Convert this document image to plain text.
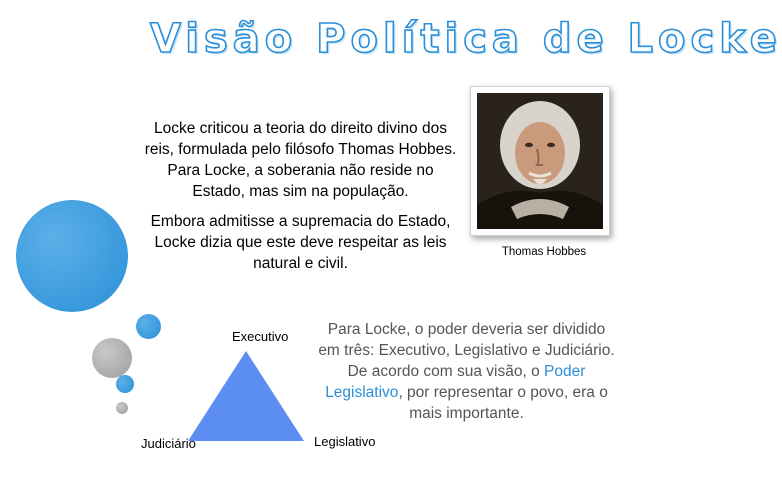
Visão Política de Locke
Locke criticou a teoria do direito divino dos reis, formulada pelo filósofo Thomas Hobbes. Para Locke, a soberania não reside no Estado, mas sim na população.
Embora admitisse a supremacia do Estado, Locke dizia que este deve respeitar as leis natural e civil.
Thomas Hobbes
Executivo
Judiciário	Legislativo
Para Locke, o poder deveria ser dividido em três: Executivo, Legislativo e Judiciário. De acordo com sua visão, o Poder Legislativo, por representar o povo, era o mais importante.
